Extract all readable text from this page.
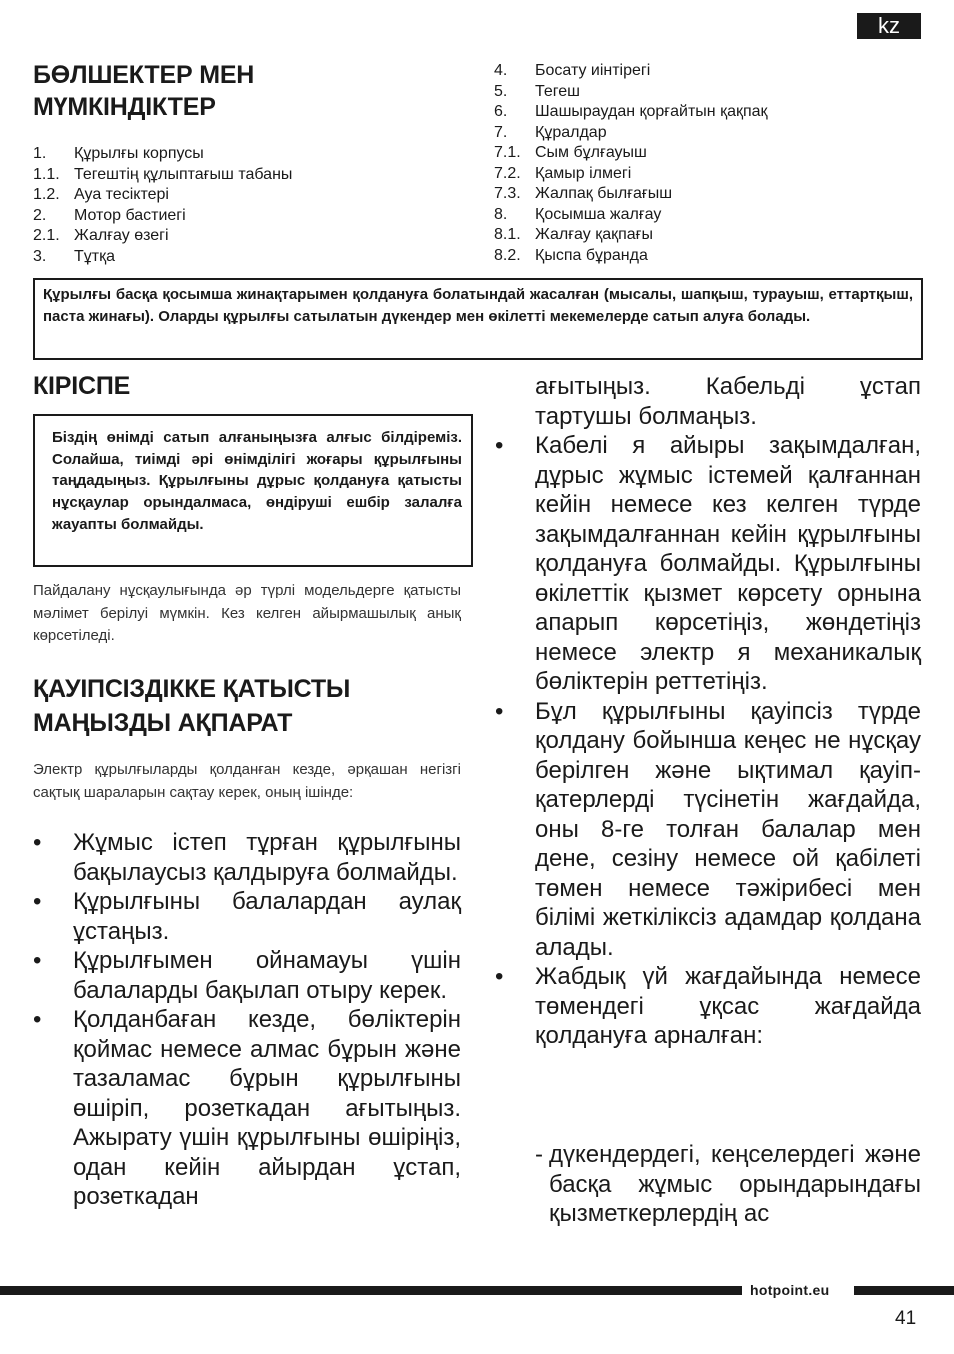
kz
БӨЛШЕКТЕР МЕН
МҮМКІНДІКТЕР
1. Құрылғы корпусы
1.1. Тегештің құлыптағыш табаны
1.2. Ауа тесіктері
2. Мотор бастиегі
2.1. Жалғау өзегі
3. Тұтқа
4. Босату иінтірегі
5. Тегеш
6. Шашыраудан қорғайтын қақпақ
7. Құралдар
7.1. Сым бұлғауыш
7.2. Қамыр ілмегі
7.3. Жалпақ былғағыш
8. Қосымша жалғау
8.1. Жалғау қақпағы
8.2. Қыспа бұранда
Құрылғы басқа қосымша жинақтарымен қолдануға болатындай жасалған (мысалы, шапқыш, турауыш, еттартқыш, паста жинағы). Оларды құрылғы сатылатын дүкендер мен өкілетті мекемелерде сатып алуға болады.
КІРІСПЕ
Біздің өнімді сатып алғаныңызға алғыс білдіреміз. Солайша, тиімді әрі өнімділігі жоғары құрылғыны таңдадыңыз. Құрылғыны дұрыс қолдануға қатысты нұсқаулар орындалмаса, өндіруші ешбір залалға жауапты болмайды.

Пайдалану нұсқаулығында әр түрлі модельдерге қатысты мәлімет берілуі мүмкін. Кез келген айырмашылық анық көрсетіледі.

ҚАУІПСІЗДІККЕ ҚАТЫСТЫ
МАҢЫЗДЫ АҚПАРАТ

Электр құрылғыларды қолданған кезде, әрқашан негізгі сақтық шараларын сақтау керек, оның ішінде:

• Жұмыс істеп тұрған құрылғыны бақылаусыз қалдыруға болмайды.
• Құрылғыны балалардан аулақ ұстаңыз.
• Құрылғымен ойнамауы үшін балаларды бақылап отыру керек.
• Қолданбаған кезде, бөліктерін қоймас немесе алмас бұрын және тазаламас бұрын құрылғыны өшіріп, розеткадан ағытыңыз. Ажырату үшін құрылғыны өшіріңіз, одан кейін айырдан ұстап, розеткадан

ағытыңыз. Кабельді ұстап тартушы болмаңыз.

• Кабелі я айыры зақымдалған, дұрыс жұмыс істемей қалғаннан кейін немесе кез келген түрде зақымдалғаннан кейін құрылғыны қолдануға болмайды. Құрылғыны өкілеттік қызмет көрсету орнына апарып көрсетіңіз, жөндетіңіз немесе электр я механикалық бөліктерін реттетіңіз.
• Бұл құрылғыны қауіпсіз түрде қолдану бойынша кеңес не нұсқау берілген және ықтимал қауіп-қатерлерді түсінетін жағдайда, оны 8-ге толған балалар мен дене, сезіну немесе ой қабілеті төмен немесе тәжірибесі мен білімі жеткіліксіз адамдар қолдана алады.
• Жабдық үй жағдайында немесе төмендегі ұқсас жағдайда қолдануға арналған:

- дүкендердегі, кеңселердегі және басқа жұмыс орындарындағы қызметкерлердің ас

hotpoint.eu
41
